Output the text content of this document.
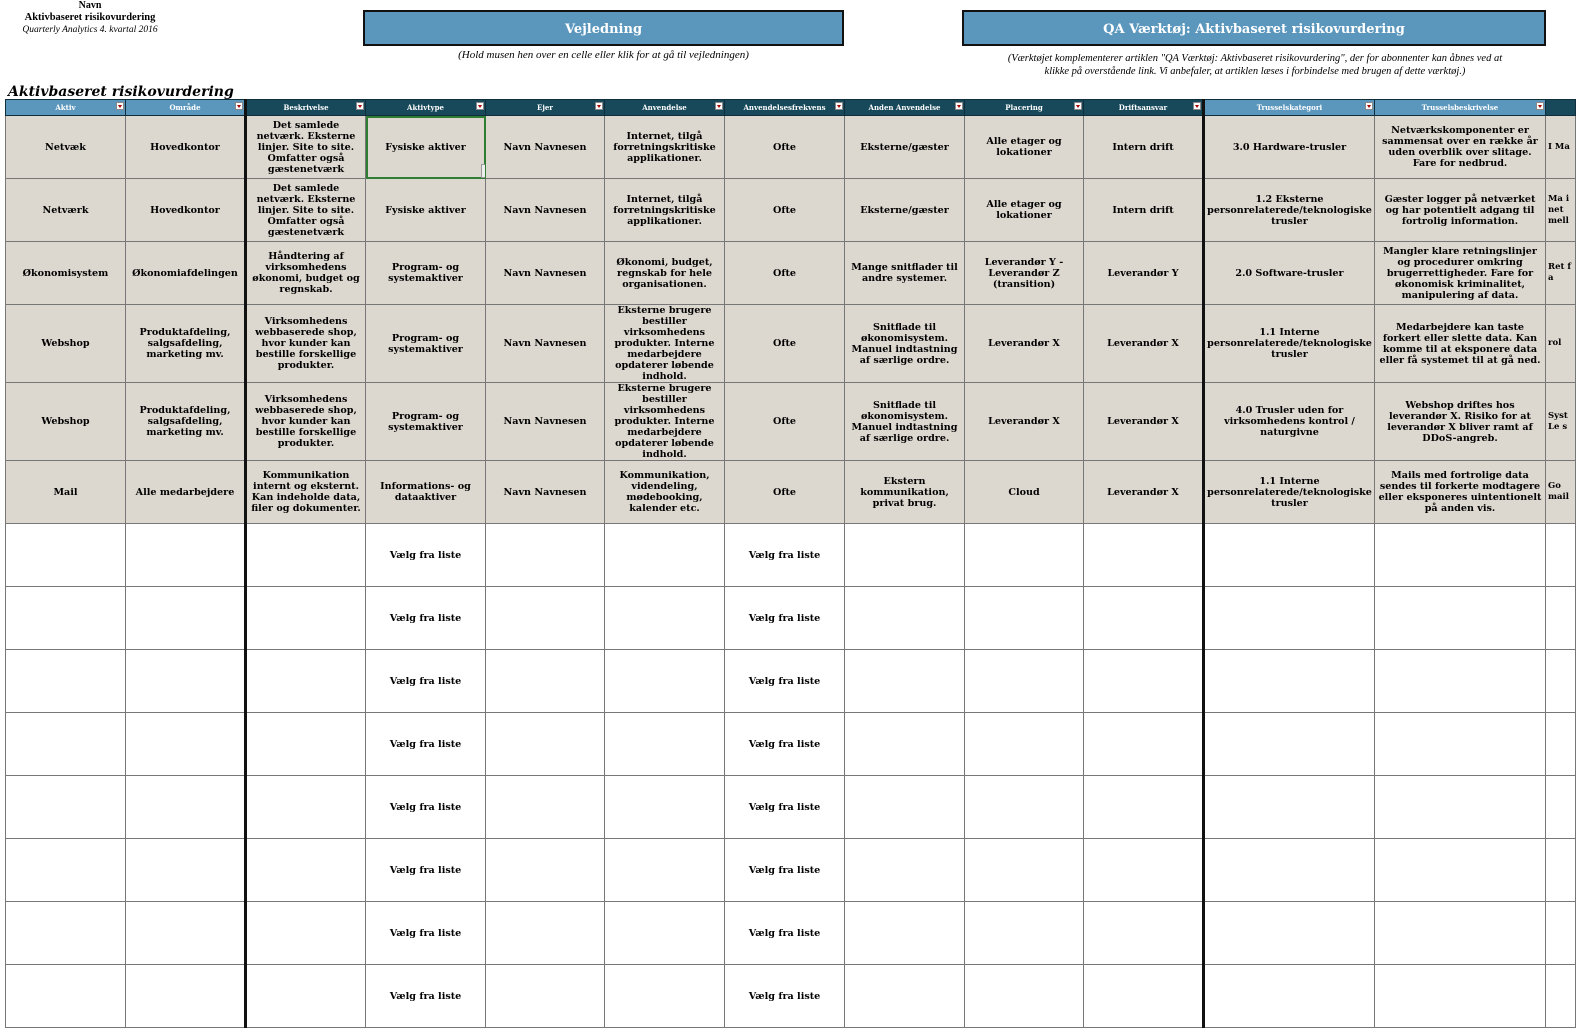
Navn
Aktivbaseret risikovurdering
Quarterly Analytics 4. kvartal 2016	Vejledning
(Hold musen hen over en celle eller klik for at gå til vejledningen)
QA Værktøj: Aktivbaseret risikovurdering
(Værktøjet komplementerer artiklen "QA Værktøj: Aktivbaseret risikovurdering", der for abonnenter kan åbnes ved at
klikke på overstående link. Vi anbefaler, at artiklen læses i forbindelse med brugen af dette værktøj.)
Aktivbaseret risikovurdering
Aktiv	Område	Beskrivelse	Aktivtype	Ejer	Anvendelse	Anvendelsesfrekvens	Anden Anvendelse	Placering	Driftsansvar	Trusselskategori	Trusselsbeskrivelse

Netvæk	Hovedkontor	Det samlede netværk. Eksterne linjer. Site to site. Omfatter også gæstenetværk	Fysiske aktiver	Navn Navnesen	Internet, tilgå forretningskritiske applikationer.	Ofte	Eksterne/gæster	Alle etager og lokationer	Intern drift	3.0 Hardware-trusler	Netværkskomponenter er sammensat over en række år uden overblik over slitage. Fare for nedbrud.	I Ma
Netværk	Hovedkontor	Det samlede netværk. Eksterne linjer. Site to site. Omfatter også gæstenetværk	Fysiske aktiver	Navn Navnesen	Internet, tilgå forretningskritiske applikationer.	Ofte	Eksterne/gæster	Alle etager og lokationer	Intern drift	1.2 Eksterne personrelaterede/teknologiske trusler	Gæster logger på netværket og har potentielt adgang til fortrolig information.	Ma i net mell
Økonomisystem	Økonomiafdelingen	Håndtering af virksomhedens økonomi, budget og regnskab.	Program- og systemaktiver	Navn Navnesen	Økonomi, budget, regnskab for hele organisationen.	Ofte	Mange snitflader til andre systemer.	Leverandør Y - Leverandør Z (transition)	Leverandør Y	2.0 Software-trusler	Mangler klare retningslinjer og procedurer omkring brugerrettigheder. Fare for økonomisk kriminalitet, manipulering af data.	Ret f a
Webshop	Produktafdeling, salgsafdeling, marketing mv.	Virksomhedens webbaserede shop, hvor kunder kan bestille forskellige produkter.	Program- og systemaktiver	Navn Navnesen	Eksterne brugere bestiller virksomhedens produkter. Interne medarbejdere opdaterer løbende indhold.	Ofte	Snitflade til økonomisystem. Manuel indtastning af særlige ordre.	Leverandør X	Leverandør X	1.1 Interne personrelaterede/teknologiske trusler	Medarbejdere kan taste forkert eller slette data. Kan komme til at eksponere data eller få systemet til at gå ned.	rol
Webshop	Produktafdeling, salgsafdeling, marketing mv.	Virksomhedens webbaserede shop, hvor kunder kan bestille forskellige produkter.	Program- og systemaktiver	Navn Navnesen	Eksterne brugere bestiller virksomhedens produkter. Interne medarbejdere opdaterer løbende indhold.	Ofte	Snitflade til økonomisystem. Manuel indtastning af særlige ordre.	Leverandør X	Leverandør X	4.0 Trusler uden for virksomhedens kontrol / naturgivne	Webshop driftes hos leverandør X. Risiko for at leverandør X bliver ramt af DDoS-angreb.	Syst Le s
Mail	Alle medarbejdere	Kommunikation internt og eksternt. Kan indeholde data, filer og dokumenter.	Informations- og dataaktiver	Navn Navnesen	Kommunikation, videndeling, mødebooking, kalender etc.	Ofte	Ekstern kommunikation, privat brug.	Cloud	Leverandør X	1.1 Interne personrelaterede/teknologiske trusler	Mails med fortrolige data sendes til forkerte modtagere eller eksponeres uintentionelt på anden vis.	Go mail
			Vælg fra liste			Vælg fra liste						
			Vælg fra liste			Vælg fra liste						
			Vælg fra liste			Vælg fra liste						
			Vælg fra liste			Vælg fra liste						
			Vælg fra liste			Vælg fra liste						
			Vælg fra liste			Vælg fra liste						
			Vælg fra liste			Vælg fra liste						
			Vælg fra liste			Vælg fra liste						
